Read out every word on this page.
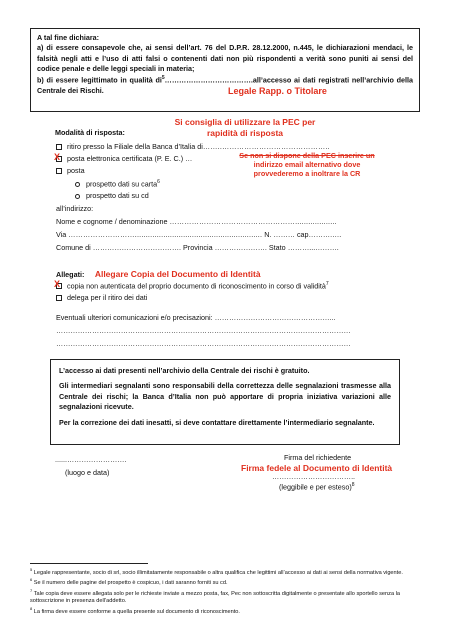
A tal fine dichiara:
a) di essere consapevole che, ai sensi dell’art. 76 del D.P.R. 28.12.2000, n.445, le dichiarazioni mendaci, le falsità negli atti e l’uso di atti falsi o contenenti dati non più rispondenti a verità sono puniti ai sensi del codice penale e delle leggi speciali in materia;
b) di essere legittimato in qualità $di^5\dots\dots\dots\dots\dots\dots\dots\dots\dots\dots\dots\dots.all’accesso$ ai dati registrati nell’archivio della Centrale dei Rischi.	Legale Rapp. o Titolare
Si consiglia di utilizzare la PEC per
rapidità di risposta
Modalità di risposta:
ritiro presso la Filiale della Banca d’Italia di……..……………………………………..
posta elettronica certificata (P. E. C.) …
X	Se non si dispone della PEC inserire un
indirizzo email alternativo dove
provvederemo a inoltrare la CR
posta
prospetto dati su carta$^6$
prospetto dati su cd
all’indirizzo:
Nome e cognome / denominazione ……………………………………………...................
Via ……………………….......................................................... N. ……… cap……….….
Comune di ………………………………. Provincia …………………. Stato ………...……….
Allegati: Allegare Copia del Documento di Identità
copia non autenticata del proprio documento di riconoscimento in corso di validità$^7$
X
delega per il ritiro dei dati
Eventuali ulteriori comunicazioni e/o precisazioni: …………………………………………...
……………………………………………………………………………………………………………
……………………………………………………………………………………………………………
L’accesso ai dati presenti nell’archivio della Centrale dei rischi è gratuito.
Gli intermediari segnalanti sono responsabili della correttezza delle segnalazioni trasmesse alla Centrale dei rischi; la Banca d’Italia non può apportare di propria iniziativa variazioni alle segnalazioni ricevute.
Per la correzione dei dati inesatti, si deve contattare direttamente l’intermediario segnalante.
......…………………….
(luogo e data)
Firma del richiedente
Firma fedele al Documento di Identità
……………………………..
(leggibile e per esteso)$^8$
$^5$ Legale rappresentante, socio di srl, socio illimitatamente responsabile o altra qualifica che legittimi all’accesso ai dati ai sensi della normativa vigente.
$^6$ Se il numero delle pagine del prospetto è cospicuo, i dati saranno forniti su cd.
$^7$ Tale copia deve essere allegata solo per le richieste inviate a mezzo posta, fax, Pec non sottoscritta digitalmente o presentate allo sportello senza la sottoscrizione in presenza dell’addetto.
$^8$ La firma deve essere conforme a quella presente sul documento di riconoscimento.
